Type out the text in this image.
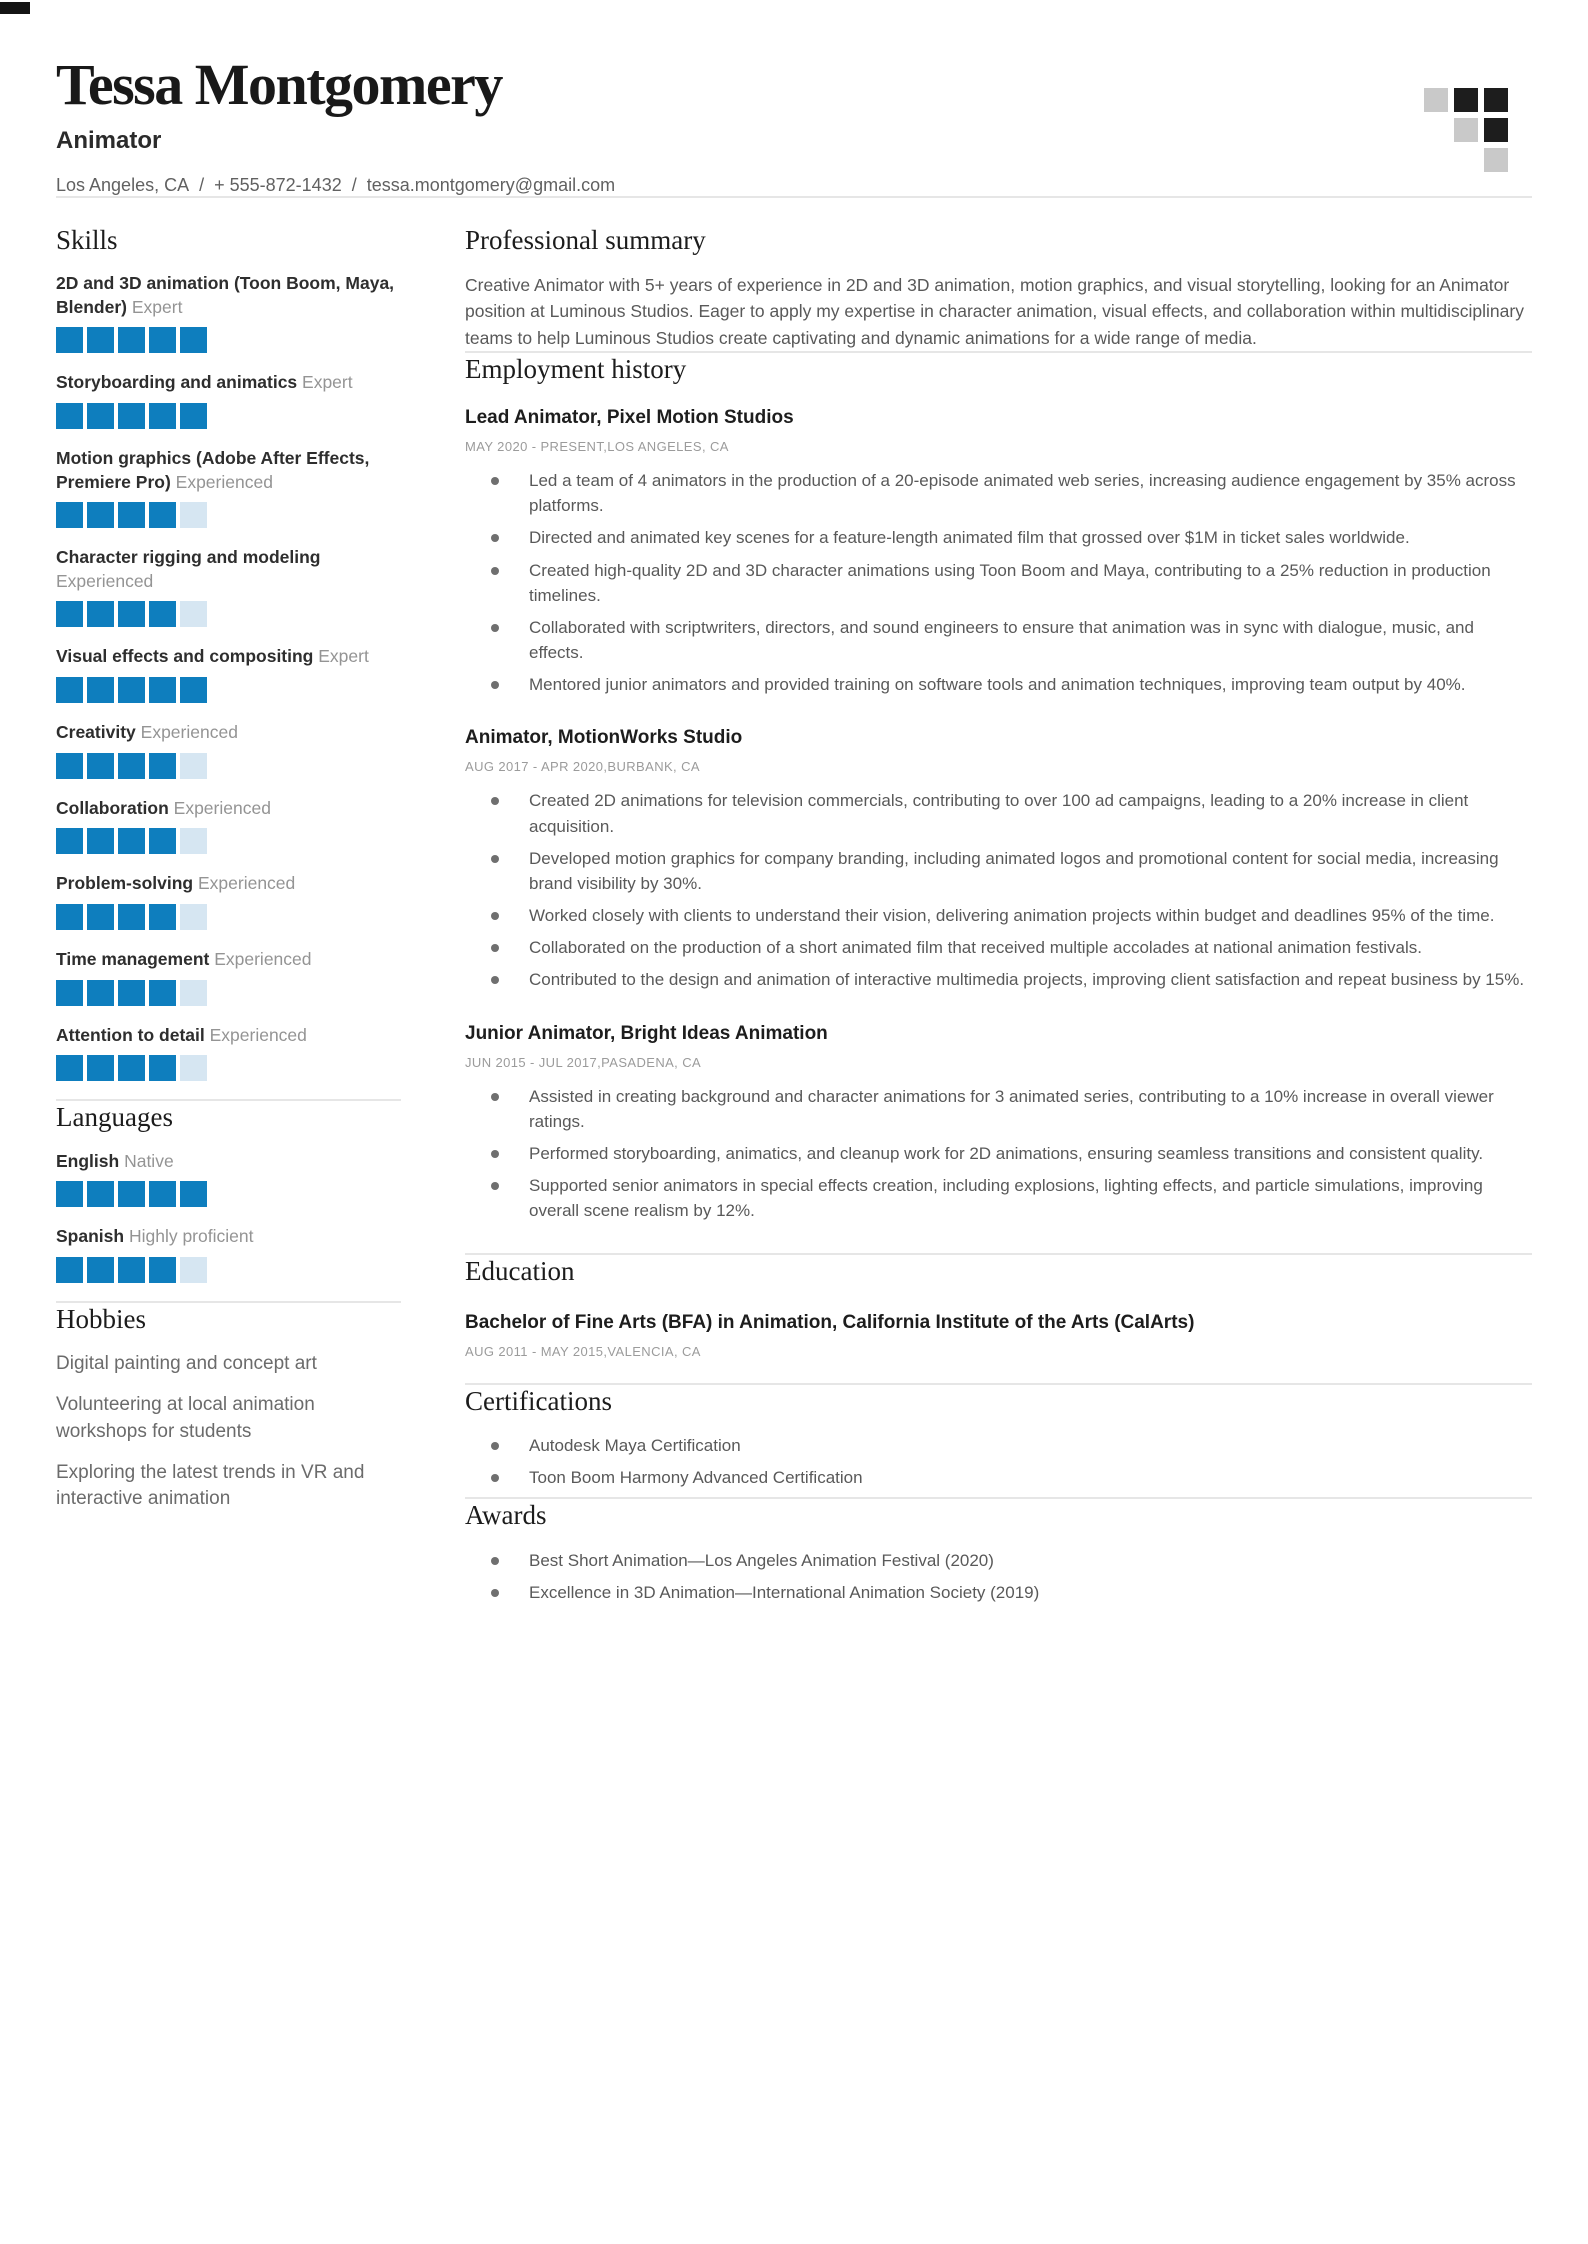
Tessa Montgomery
Animator
Los Angeles, CA / + 555-872-1432 / tessa.montgomery@gmail.com
Skills
2D and 3D animation (Toon Boom, Maya, Blender) Expert
Storyboarding and animatics Expert
Motion graphics (Adobe After Effects, Premiere Pro) Experienced
Character rigging and modeling Experienced
Visual effects and compositing Expert
Creativity Experienced
Collaboration Experienced
Problem-solving Experienced
Time management Experienced
Attention to detail Experienced
Languages
English Native
Spanish Highly proficient
Hobbies
Digital painting and concept art
Volunteering at local animation workshops for students
Exploring the latest trends in VR and interactive animation
Professional summary

Creative Animator with 5+ years of experience in 2D and 3D animation, motion graphics, and visual storytelling, looking for an Animator position at Luminous Studios. Eager to apply my expertise in character animation, visual effects, and collaboration within multidisciplinary teams to help Luminous Studios create captivating and dynamic animations for a wide range of media.

Employment history
Lead Animator, Pixel Motion Studios
MAY 2020 - PRESENT,LOS ANGELES, CA
Led a team of 4 animators in the production of a 20-episode animated web series, increasing audience engagement by 35% across platforms.
Directed and animated key scenes for a feature-length animated film that grossed over $1M in ticket sales worldwide.
Created high-quality 2D and 3D character animations using Toon Boom and Maya, contributing to a 25% reduction in production timelines.
Collaborated with scriptwriters, directors, and sound engineers to ensure that animation was in sync with dialogue, music, and effects.
Mentored junior animators and provided training on software tools and animation techniques, improving team output by 40%.
Animator, MotionWorks Studio
AUG 2017 - APR 2020,BURBANK, CA
Created 2D animations for television commercials, contributing to over 100 ad campaigns, leading to a 20% increase in client acquisition.
Developed motion graphics for company branding, including animated logos and promotional content for social media, increasing brand visibility by 30%.
Worked closely with clients to understand their vision, delivering animation projects within budget and deadlines 95% of the time.
Collaborated on the production of a short animated film that received multiple accolades at national animation festivals.
Contributed to the design and animation of interactive multimedia projects, improving client satisfaction and repeat business by 15%.
Junior Animator, Bright Ideas Animation
JUN 2015 - JUL 2017,PASADENA, CA
Assisted in creating background and character animations for 3 animated series, contributing to a 10% increase in overall viewer ratings.
Performed storyboarding, animatics, and cleanup work for 2D animations, ensuring seamless transitions and consistent quality.
Supported senior animators in special effects creation, including explosions, lighting effects, and particle simulations, improving overall scene realism by 12%.
Education
Bachelor of Fine Arts (BFA) in Animation, California Institute of the Arts (CalArts)
AUG 2011 - MAY 2015,VALENCIA, CA
Certifications
Autodesk Maya Certification
Toon Boom Harmony Advanced Certification
Awards
Best Short Animation—Los Angeles Animation Festival (2020)
Excellence in 3D Animation—International Animation Society (2019)
